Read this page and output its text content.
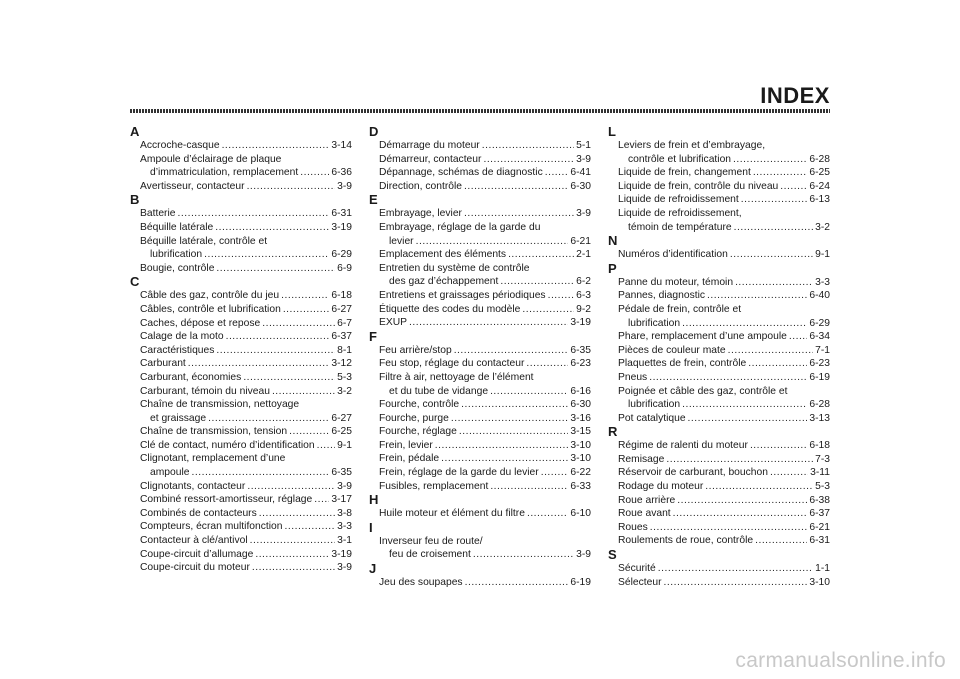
INDEX
A
Accroche-casque .....	3-14
Ampoule d’éclairage de plaque
d’immatriculation, remplacement .....	6-36
Avertisseur, contacteur .....	3-9
B
Batterie .....	6-31
Béquille latérale .....	3-19
Béquille latérale, contrôle et
lubrification .....	6-29
Bougie, contrôle .....	6-9
C
Câble des gaz, contrôle du jeu .....	6-18
Câbles, contrôle et lubrification .....	6-27
Caches, dépose et repose .....	6-7
Calage de la moto .....	6-37
Caractéristiques .....	8-1
Carburant .....	3-12
Carburant, économies .....	5-3
Carburant, témoin du niveau .....	3-2
Chaîne de transmission, nettoyage
et graissage .....	6-27
Chaîne de transmission, tension .....	6-25
Clé de contact, numéro d’identification ..... 9-1
Clignotant, remplacement d’une
ampoule .....	6-35
Clignotants, contacteur .....	3-9
Combiné ressort-amortisseur, réglage ..... 3-17
Combinés de contacteurs .....	3-8
Compteurs, écran multifonction .....	3-3
Contacteur à clé/antivol .....	3-1
Coupe-circuit d’allumage .....	3-19
Coupe-circuit du moteur .....	3-9
D
Démarrage du moteur .....	5-1
Démarreur, contacteur .....	3-9
Dépannage, schémas de diagnostic .....	6-41
Direction, contrôle .....	6-30
E
Embrayage, levier .....	3-9
Embrayage, réglage de la garde du
levier .....	6-21
Emplacement des éléments .....	2-1
Entretien du système de contrôle
des gaz d’échappement .....	6-2
Entretiens et graissages périodiques .....	6-3
Étiquette des codes du modèle .....	9-2
EXUP .....	3-19
F
Feu arrière/stop .....	6-35
Feu stop, réglage du contacteur .....	6-23
Filtre à air, nettoyage de l’élément
et du tube de vidange .....	6-16
Fourche, contrôle .....	6-30
Fourche, purge .....	3-16
Fourche, réglage .....	3-15
Frein, levier .....	3-10
Frein, pédale .....	3-10
Frein, réglage de la garde du levier .....	6-22
Fusibles, remplacement .....	6-33
H
Huile moteur et élément du filtre .....	6-10
I
Inverseur feu de route/
feu de croisement .....	3-9
J
Jeu des soupapes .....	6-19
L
Leviers de frein et d’embrayage,
contrôle et lubrification .....	6-28
Liquide de frein, changement .....	6-25
Liquide de frein, contrôle du niveau .....	6-24
Liquide de refroidissement .....	6-13
Liquide de refroidissement,
témoin de température .....	3-2
N
Numéros d’identification .....	9-1
P
Panne du moteur, témoin .....	3-3
Pannes, diagnostic .....	6-40
Pédale de frein, contrôle et
lubrification .....	6-29
Phare, remplacement d’une ampoule ..... 6-34
Pièces de couleur mate .....	7-1
Plaquettes de frein, contrôle .....	6-23
Pneus .....	6-19
Poignée et câble des gaz, contrôle et
lubrification .....	6-28
Pot catalytique .....	3-13
R
Régime de ralenti du moteur .....	6-18
Remisage .....	7-3
Réservoir de carburant, bouchon .....	3-11
Rodage du moteur .....	5-3
Roue arrière .....	6-38
Roue avant .....	6-37
Roues .....	6-21
Roulements de roue, contrôle .....	6-31
S
Sécurité .....	1-1
Sélecteur .....	3-10
carmanualsonline.info
